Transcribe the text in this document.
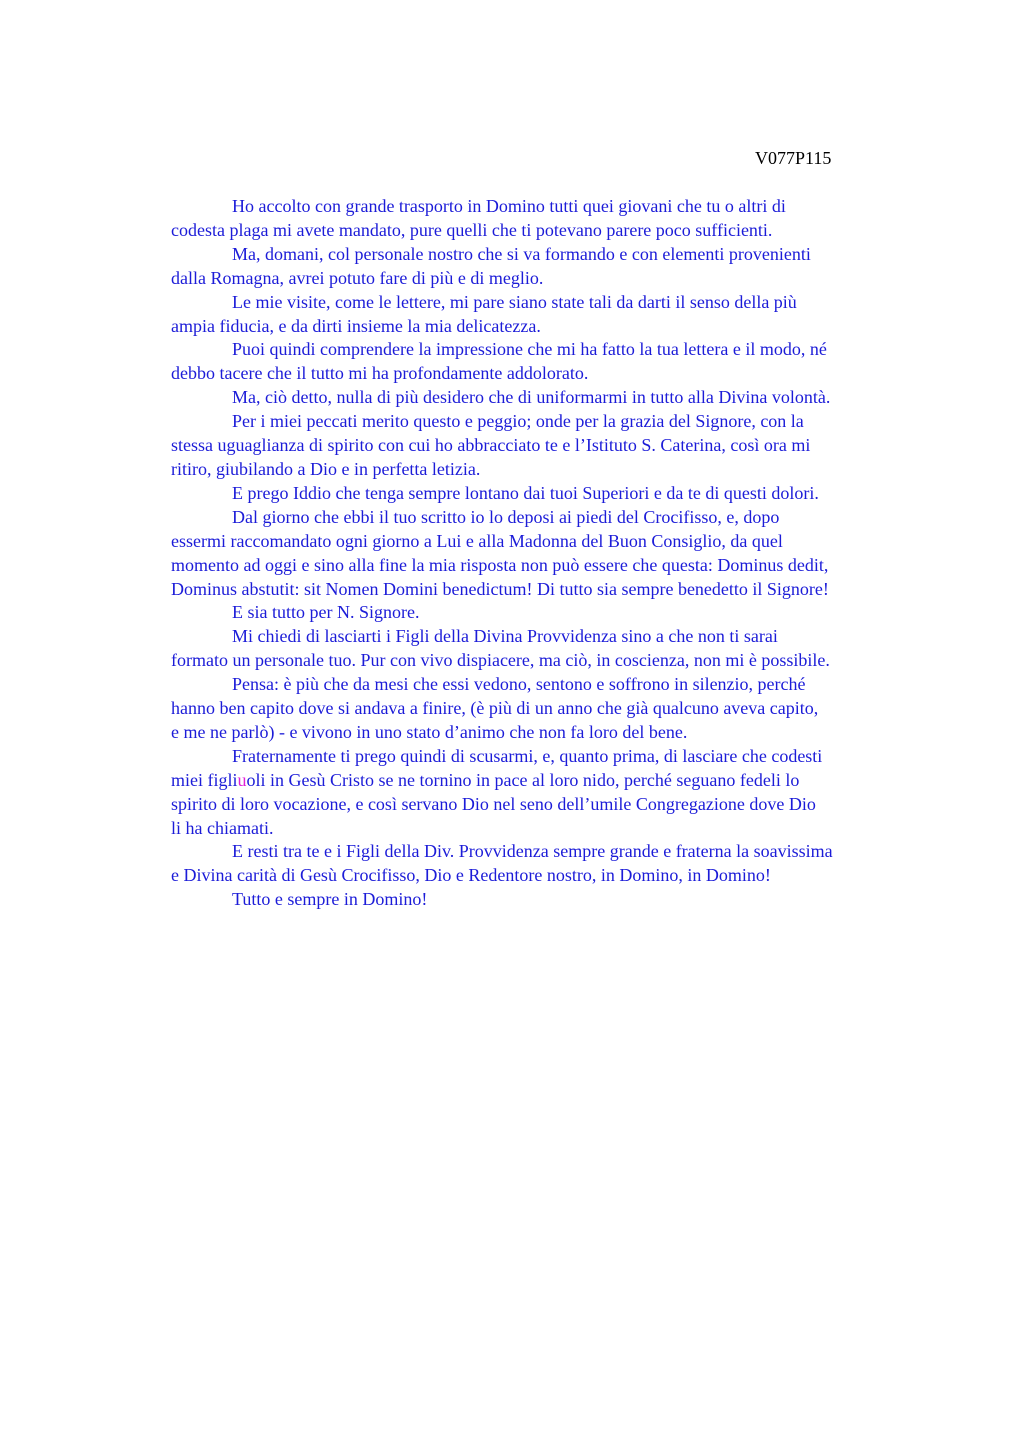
V077P115

Ho accolto con grande trasporto in Domino tutti quei giovani che tu o altri di
codesta plaga mi avete mandato, pure quelli che ti potevano parere poco sufficienti.

Ma, domani, col personale nostro che si va formando e con elementi provenienti
dalla Romagna, avrei potuto fare di più e di meglio.

Le mie visite, come le lettere, mi pare siano state tali da darti il senso della più
ampia fiducia, e da dirti insieme la mia delicatezza.

Puoi quindi comprendere la impressione che mi ha fatto la tua lettera e il modo, né
debbo tacere che il tutto mi ha profondamente addolorato.

Ma, ciò detto, nulla di più desidero che di uniformarmi in tutto alla Divina volontà.

Per i miei peccati merito questo e peggio; onde per la grazia del Signore, con la
stessa uguaglianza di spirito con cui ho abbracciato te e l’Istituto S. Caterina, così ora mi
ritiro, giubilando a Dio e in perfetta letizia.

E prego Iddio che tenga sempre lontano dai tuoi Superiori e da te di questi dolori.

Dal giorno che ebbi il tuo scritto io lo deposi ai piedi del Crocifisso, e, dopo
essermi raccomandato ogni giorno a Lui e alla Madonna del Buon Consiglio, da quel
momento ad oggi e sino alla fine la mia risposta non può essere che questa: Dominus dedit,
Dominus abstutit: sit Nomen Domini benedictum! Di tutto sia sempre benedetto il Signore!

E sia tutto per N. Signore.

Mi chiedi di lasciarti i Figli della Divina Provvidenza sino a che non ti sarai
formato un personale tuo. Pur con vivo dispiacere, ma ciò, in coscienza, non mi è possibile.

Pensa: è più che da mesi che essi vedono, sentono e soffrono in silenzio, perché
hanno ben capito dove si andava a finire, (è più di un anno che già qualcuno aveva capito,
e me ne parlò) - e vivono in uno stato d’animo che non fa loro del bene.

Fraternamente ti prego quindi di scusarmi, e, quanto prima, di lasciare che codesti
miei figliuoli in Gesù Cristo se ne tornino in pace al loro nido, perché seguano fedeli lo
spirito di loro vocazione, e così servano Dio nel seno dell’umile Congregazione dove Dio
li ha chiamati.

E resti tra te e i Figli della Div. Provvidenza sempre grande e fraterna la soavissima
e Divina carità di Gesù Crocifisso, Dio e Redentore nostro, in Domino, in Domino!

Tutto e sempre in Domino!
